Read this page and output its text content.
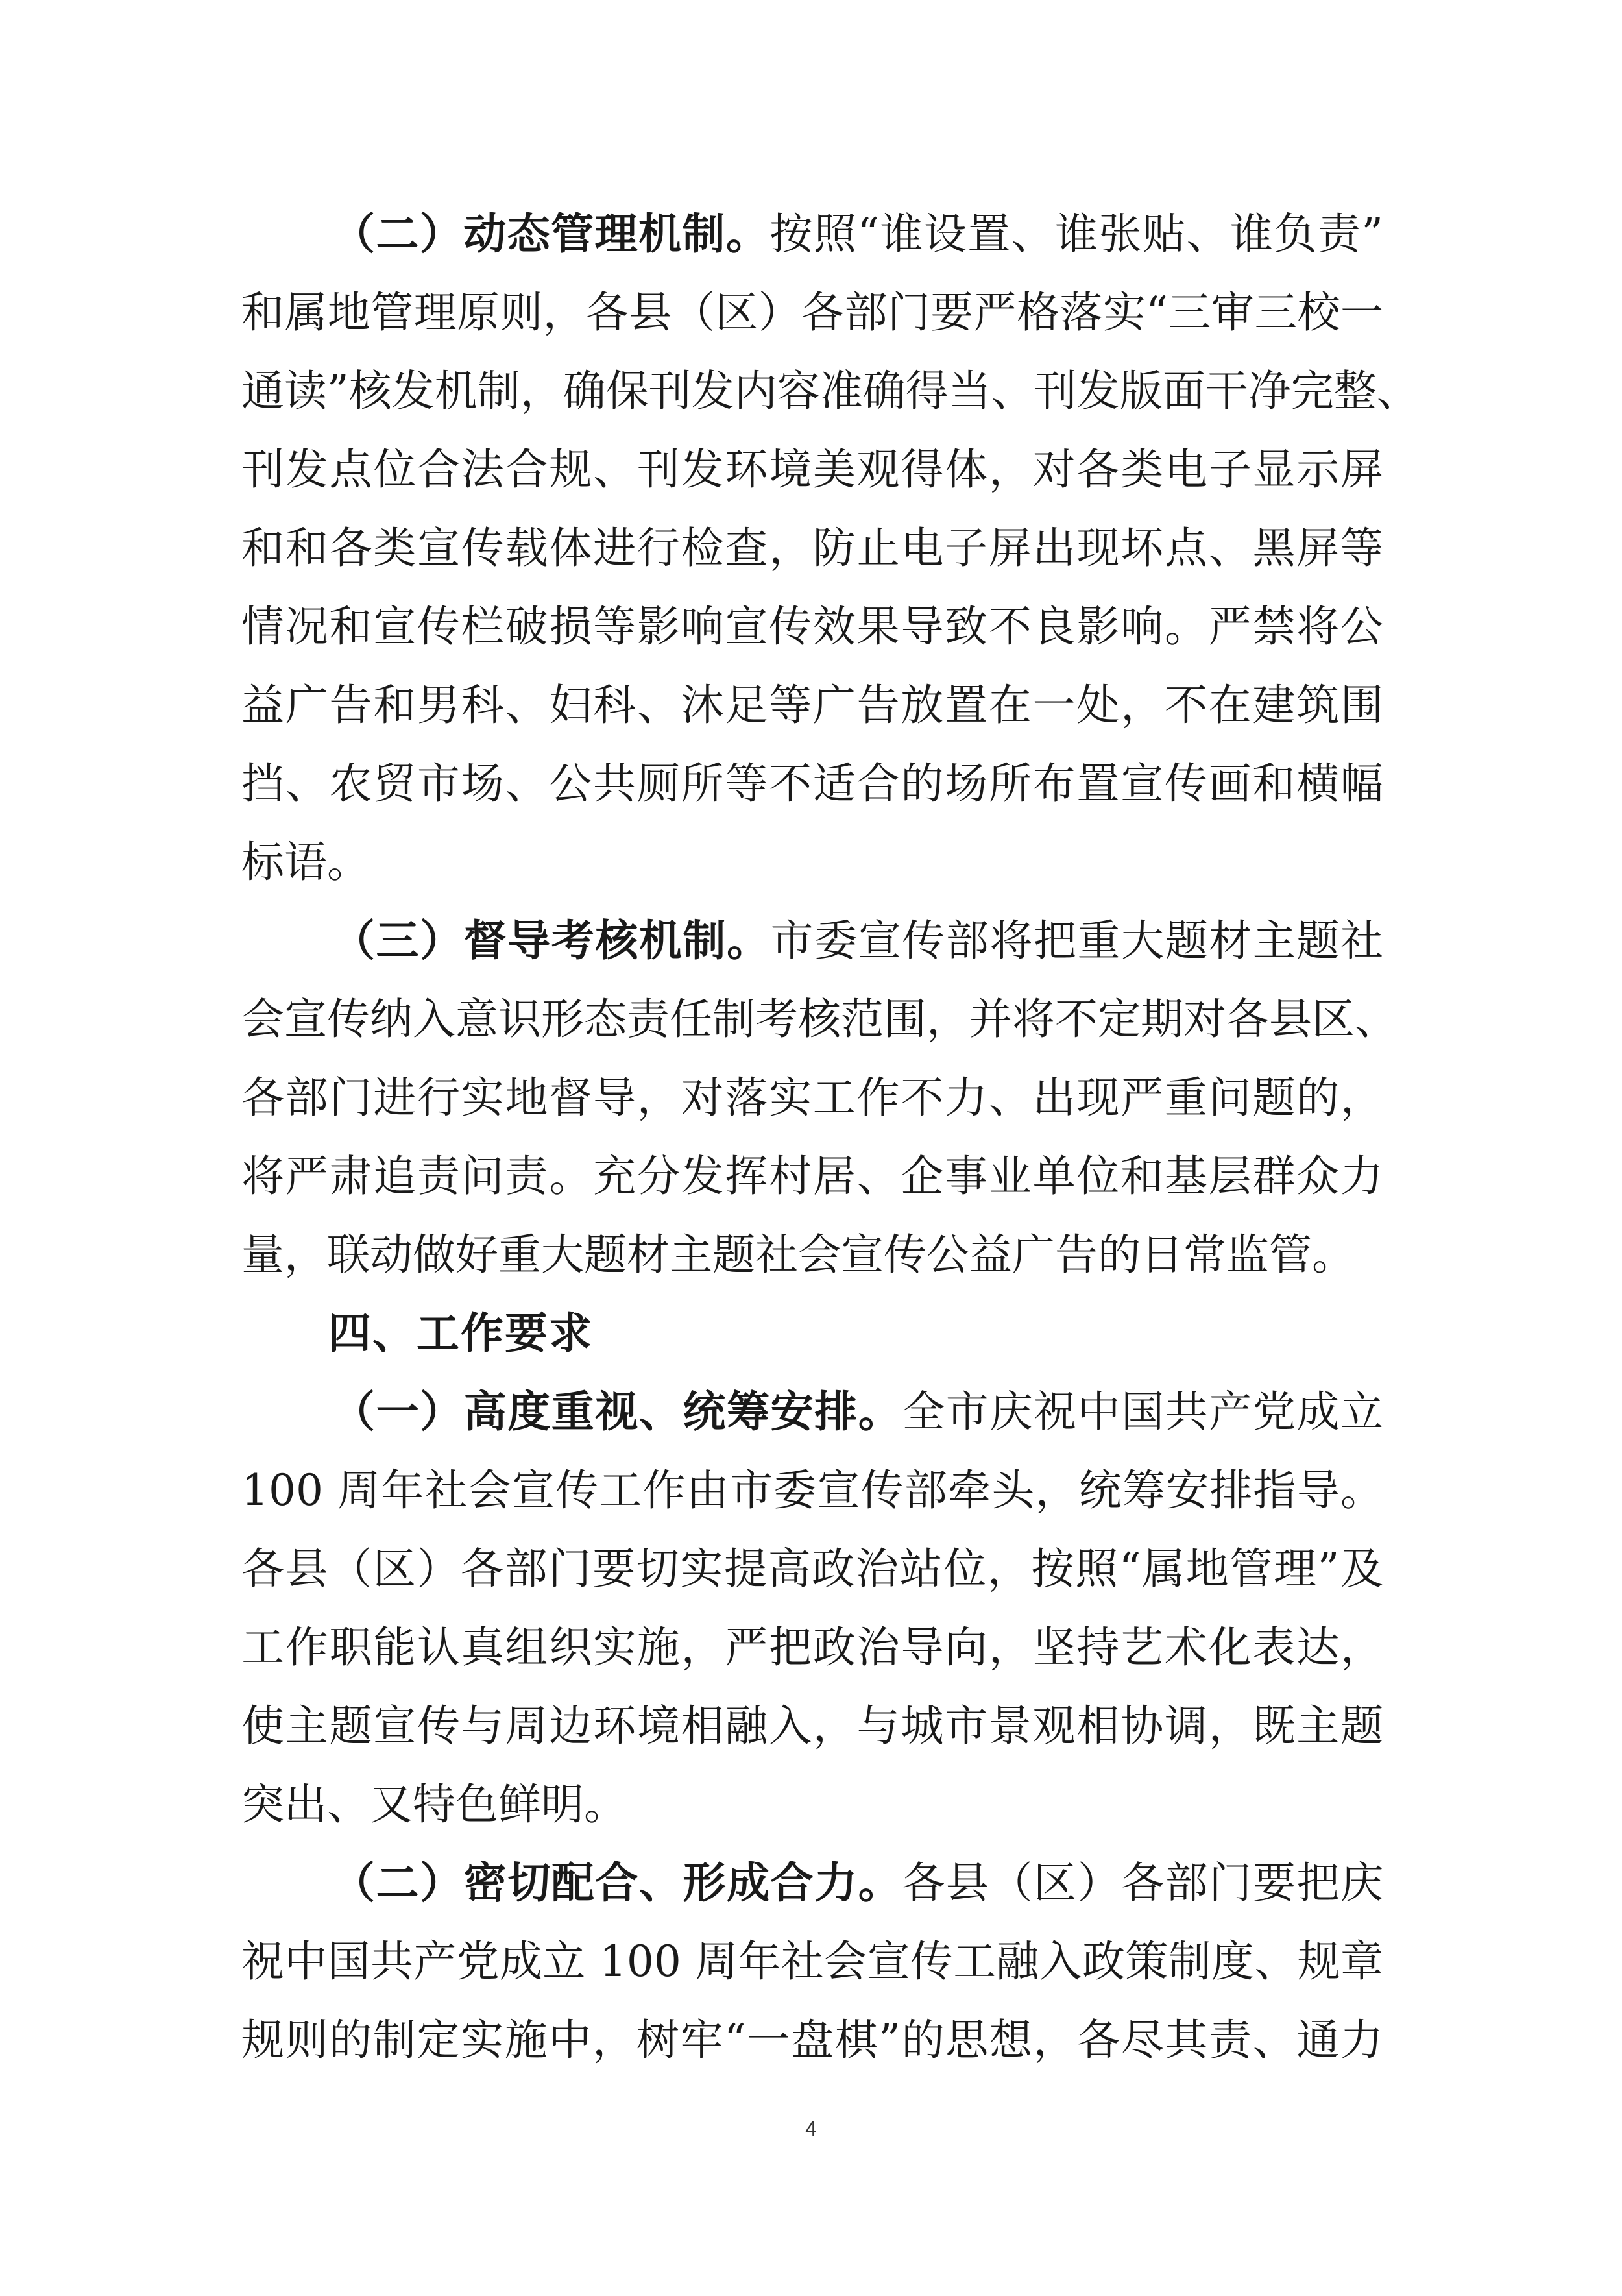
（二）动态管理机制。按照“谁设置、谁张贴、谁负责”
和属地管理原则，各县（区）各部门要严格落实“三审三校一
通读”核发机制，确保刊发内容准确得当、刊发版面干净完整、
刊发点位合法合规、刊发环境美观得体，对各类电子显示屏
和和各类宣传载体进行检查，防止电子屏出现坏点、黑屏等
情况和宣传栏破损等影响宣传效果导致不良影响。严禁将公
益广告和男科、妇科、沐足等广告放置在一处，不在建筑围
挡、农贸市场、公共厕所等不适合的场所布置宣传画和横幅
标语。
（三）督导考核机制。市委宣传部将把重大题材主题社
会宣传纳入意识形态责任制考核范围，并将不定期对各县区、
各部门进行实地督导，对落实工作不力、出现严重问题的，
将严肃追责问责。充分发挥村居、企事业单位和基层群众力
量，联动做好重大题材主题社会宣传公益广告的日常监管。
四、工作要求
（一）高度重视、统筹安排。全市庆祝中国共产党成立
100 周年社会宣传工作由市委宣传部牵头，统筹安排指导。
各县（区）各部门要切实提高政治站位，按照“属地管理”及
工作职能认真组织实施，严把政治导向，坚持艺术化表达，
使主题宣传与周边环境相融入，与城市景观相协调，既主题
突出、又特色鲜明。
（二）密切配合、形成合力。各县（区）各部门要把庆
祝中国共产党成立 100 周年社会宣传工融入政策制度、规章
规则的制定实施中，树牢“一盘棋”的思想，各尽其责、通力
4
